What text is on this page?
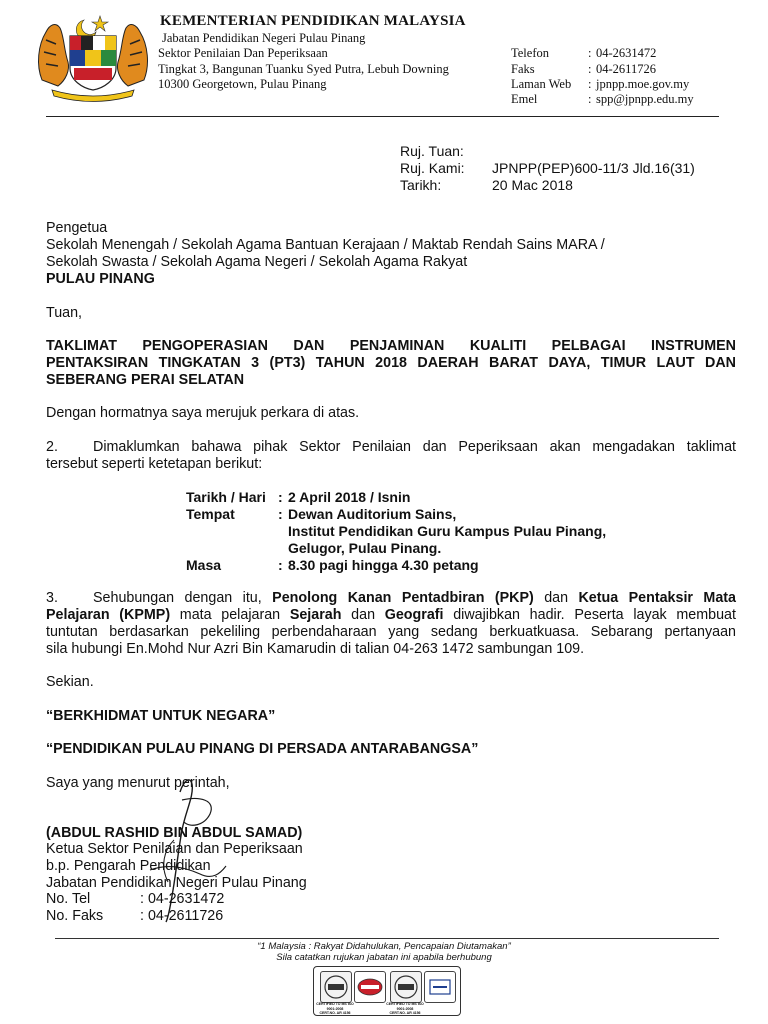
KEMENTERIAN PENDIDIKAN MALAYSIA
Jabatan Pendidikan Negeri Pulau Pinang
Sektor Penilaian Dan Peperiksaan
Tingkat 3, Bangunan Tuanku Syed Putra, Lebuh Downing
10300 Georgetown, Pulau Pinang
Telefon	: 04-2631472
Faks	: 04-2611726
Laman Web : jpnpp.moe.gov.my
Emel	: spp@jpnpp.edu.my
Ruj. Tuan:
Ruj. Kami: JPNPP(PEP)600-11/3 Jld.16(31)
Tarikh:	20 Mac 2018
Pengetua
Sekolah Menengah / Sekolah Agama Bantuan Kerajaan / Maktab Rendah Sains MARA /
Sekolah Swasta / Sekolah Agama Negeri / Sekolah Agama Rakyat
PULAU PINANG
Tuan,
TAKLIMAT PENGOPERASIAN DAN PENJAMINAN KUALITI PELBAGAI INSTRUMEN
PENTAKSIRAN TINGKATAN 3 (PT3) TAHUN 2018 DAERAH BARAT DAYA, TIMUR LAUT DAN
SEBERANG PERAI SELATAN
Dengan hormatnya saya merujuk perkara di atas.
2. Dimaklumkan bahawa pihak Sektor Penilaian dan Peperiksaan akan mengadakan taklimat
tersebut seperti ketetapan berikut:
Tarikh / Hari : 2 April 2018 / Isnin
Tempat	: Dewan Auditorium Sains,
Institut Pendidikan Guru Kampus Pulau Pinang,
Gelugor, Pulau Pinang.
Masa	: 8.30 pagi hingga 4.30 petang
3. Sehubungan dengan itu, Penolong Kanan Pentadbiran (PKP) dan Ketua Pentaksir Mata
Pelajaran (KPMP) mata pelajaran Sejarah dan Geografi diwajibkan hadir. Peserta layak membuat
tuntutan berdasarkan pekeliling perbendaharaan yang sedang berkuatkuasa. Sebarang pertanyaan
sila hubungi En.Mohd Nur Azri Bin Kamarudin di talian 04-263 1472 sambungan 109.
Sekian.
“BERKHIDMAT UNTUK NEGARA”
“PENDIDIKAN PULAU PINANG DI PERSADA ANTARABANGSA”
Saya yang menurut perintah,
(ABDUL RASHID BIN ABDUL SAMAD)
Ketua Sektor Penilaian dan Peperiksaan
b.p. Pengarah Pendidikan
Jabatan Pendidikan Negeri Pulau Pinang
No. Tel	: 04-2631472
No. Faks	: 04-2611726
“1 Malaysia : Rakyat Didahulukan, Pencapaian Diutamakan”
Sila catatkan rujukan jabatan ini apabila berhubung
CERTIFIED TO MS ISO 9001:2008
CERT.NO. AR 4156
CERTIFIED TO MS ISO 9001:2008
CERT.NO. AR 4156
